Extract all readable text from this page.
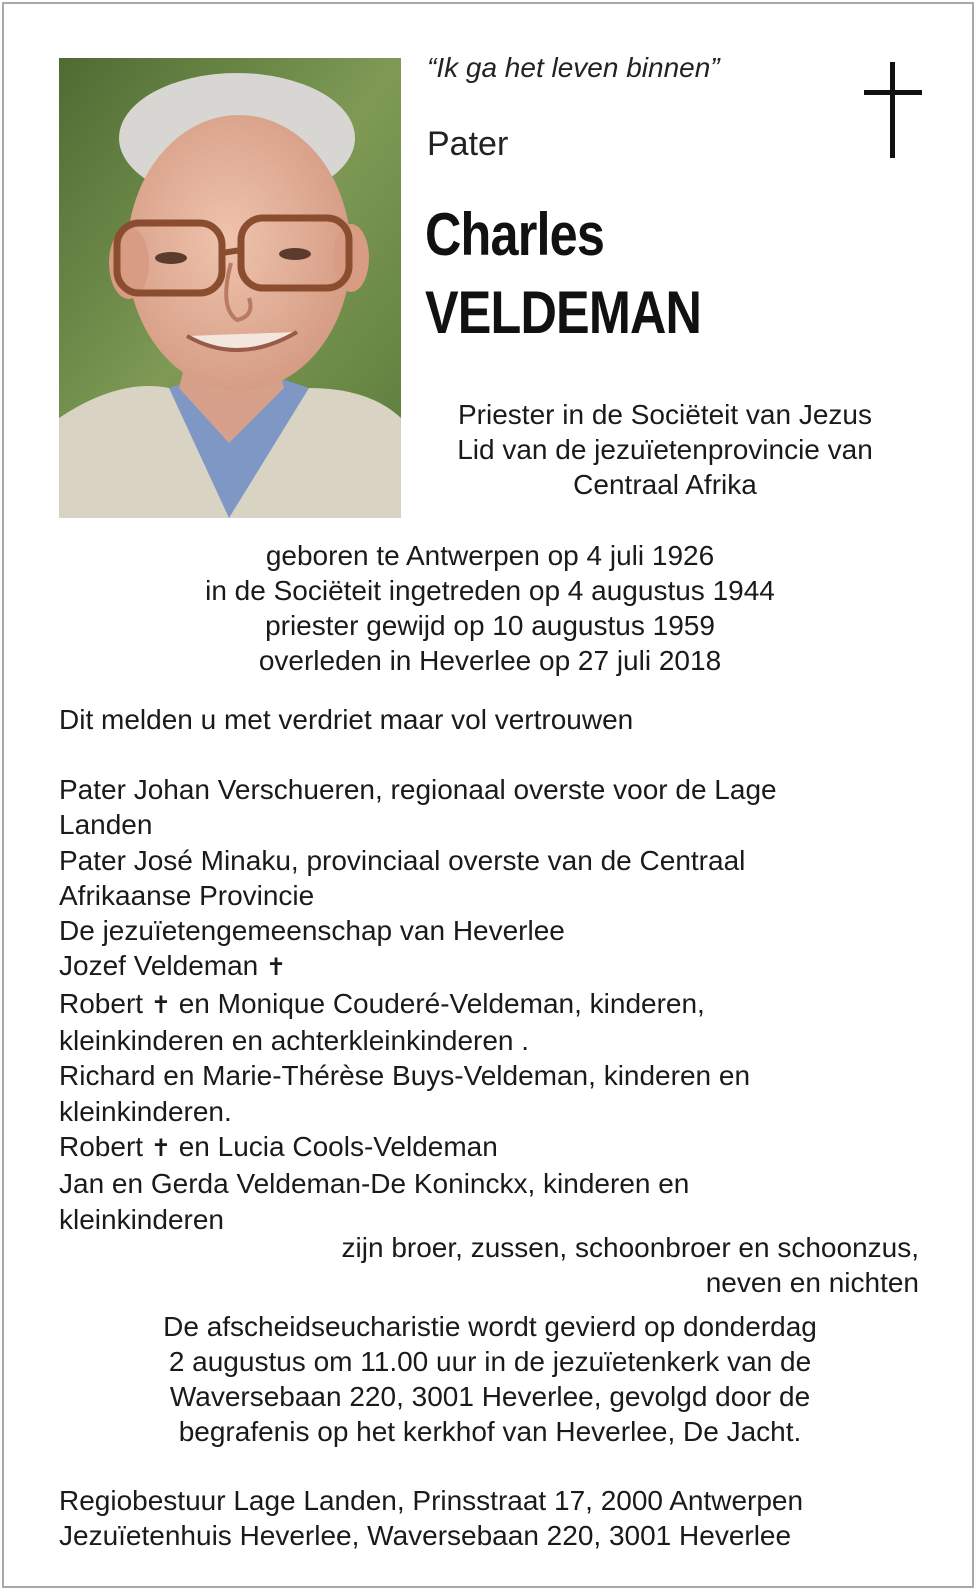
“Ik ga het leven binnen”
Pater
Charles
VELDEMAN
Priester in de Sociëteit van Jezus
Lid van de jezuïetenprovincie van
Centraal Afrika
geboren te Antwerpen op 4 juli 1926
in de Sociëteit ingetreden op 4 augustus 1944
priester gewijd op 10 augustus 1959
overleden in Heverlee op 27 juli 2018
Dit melden u met verdriet maar vol vertrouwen
Pater Johan Verschueren, regionaal overste voor de Lage
Landen
Pater José Minaku, provinciaal overste van de Centraal
Afrikaanse Provincie
De jezuïetengemeenschap van Heverlee
Jozef Veldeman ✝
Robert ✝ en Monique Couderé-Veldeman, kinderen,
kleinkinderen en achterkleinkinderen .
Richard en Marie-Thérèse Buys-Veldeman, kinderen en
kleinkinderen.
Robert ✝ en Lucia Cools-Veldeman
Jan en Gerda Veldeman-De Koninckx, kinderen en
kleinkinderen
zijn broer, zussen, schoonbroer en schoonzus,
neven en nichten
De afscheidseucharistie wordt gevierd op donderdag
2 augustus om 11.00 uur in de jezuïetenkerk van de
Waversebaan 220, 3001 Heverlee, gevolgd door de
begrafenis op het kerkhof van Heverlee, De Jacht.
Regiobestuur Lage Landen, Prinsstraat 17, 2000 Antwerpen
Jezuïetenhuis Heverlee, Waversebaan 220, 3001 Heverlee
